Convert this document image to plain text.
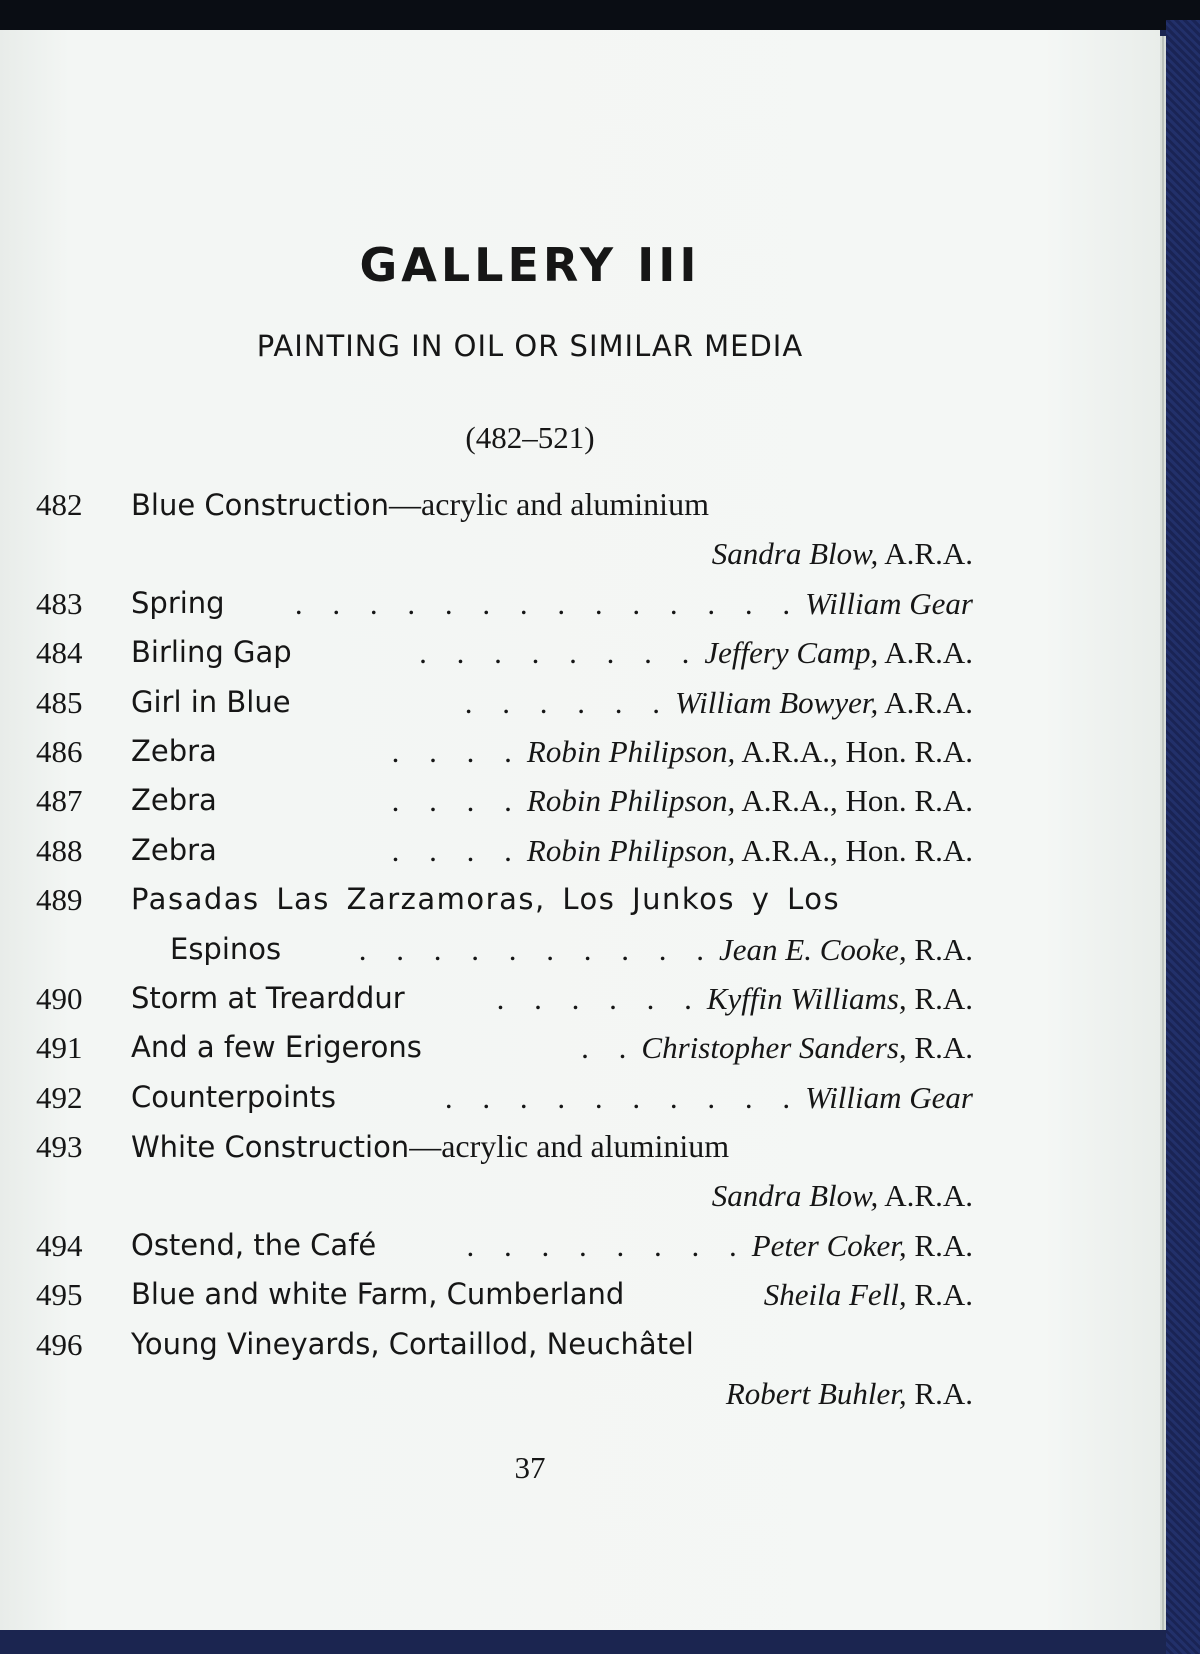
GALLERY III
PAINTING IN OIL OR SIMILAR MEDIA
(482–521)
482 Blue Construction—acrylic and aluminium
Sandra Blow, A.R.A.
483 Spring . . . . . . . . . . . . . . William Gear
484 Birling Gap	. . . . . . . . Jeffery Camp, A.R.A.
485 Girl in Blue	. . . . . . William Bowyer, A.R.A.
486 Zebra	. . . . Robin Philipson, A.R.A., Hon. R.A.
487 Zebra	. . . . Robin Philipson, A.R.A., Hon. R.A.
488 Zebra	. . . . Robin Philipson, A.R.A., Hon. R.A.
489 Pasadas Las Zarzamoras, Los Junkos y Los
Espinos	. . . . . . . . . . Jean E. Cooke, R.A.
490 Storm at Trearddur	. . . . . . Kyffin Williams, R.A.
491 And a few Erigerons	. . Christopher Sanders, R.A.
492 Counterpoints	. . . . . . . . . . William Gear
493 White Construction—acrylic and aluminium
Sandra Blow, A.R.A.
494 Ostend, the Café	. . . . . . . . Peter Coker, R.A.
495 Blue and white Farm, Cumberland	Sheila Fell, R.A.
496 Young Vineyards, Cortaillod, Neuchâtel
Robert Buhler, R.A.
37
